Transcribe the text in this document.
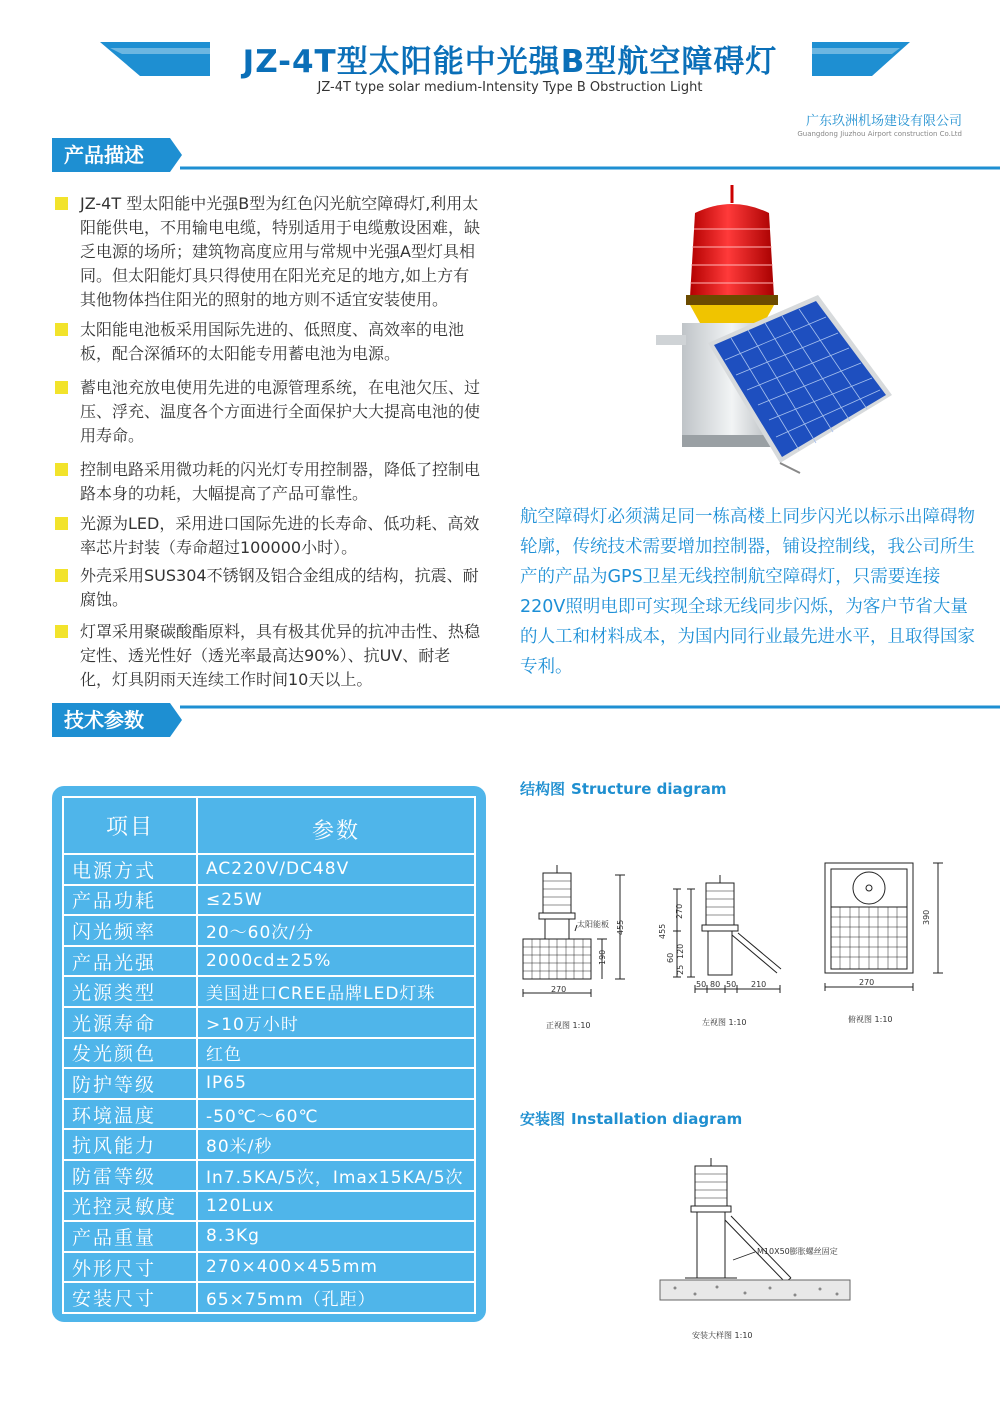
JZ-4T型太阳能中光强B型航空障碍灯
JZ-4T type solar medium-Intensity Type B Obstruction Light
广东玖洲机场建设有限公司
Guangdong Jiuzhou Airport construction Co.Ltd
产品描述
JZ-4T 型太阳能中光强B型为红色闪光航空障碍灯,利用太阳能供电，不用输电电缆，特别适用于电缆敷设困难，缺乏电源的场所；建筑物高度应用与常规中光强A型灯具相同。但太阳能灯具只得使用在阳光充足的地方,如上方有其他物体挡住阳光的照射的地方则不适宜安装使用。
太阳能电池板采用国际先进的、低照度、高效率的电池板，配合深循环的太阳能专用蓄电池为电源。
蓄电池充放电使用先进的电源管理系统，在电池欠压、过压、浮充、温度各个方面进行全面保护大大提高电池的使用寿命。
控制电路采用微功耗的闪光灯专用控制器，降低了控制电路本身的功耗，大幅提高了产品可靠性。
光源为LED，采用进口国际先进的长寿命、低功耗、高效率芯片封装（寿命超过100000小时）。
外壳采用SUS304不锈钢及铝合金组成的结构，抗震、耐腐蚀。
灯罩采用聚碳酸酯原料，具有极其优异的抗冲击性、热稳定性、透光性好（透光率最高达90%）、抗UV、耐老化，灯具阴雨天连续工作时间10天以上。
航空障碍灯必须满足同一栋高楼上同步闪光以标示出障碍物轮廓，传统技术需要增加控制器，铺设控制线，我公司所生产的产品为GPS卫星无线控制航空障碍灯，只需要连接220V照明电即可实现全球无线同步闪烁，为客户节省大量的人工和材料成本，为国内同行业最先进水平，且取得国家专利。
技术参数
项目	参数
电源方式	AC220V/DC48V
产品功耗	≤25W
闪光频率	20～60次/分
产品光强	2000cd±25%
光源类型	美国进口CREE品牌LED灯珠
光源寿命	>10万小时
发光颜色	红色
防护等级	IP65
环境温度	-50℃～60℃
抗风能力	80米/秒
防雷等级	In7.5KA/5次，Imax15KA/5次
光控灵敏度	120Lux
产品重量	8.3Kg
外形尺寸	270×400×455mm
安装尺寸	65×75mm（孔距）
结构图 Structure diagram
太阳能板 455
190
270
270
455
60 120
25
50 80 50 210
390
270
正视图 1:10	左视图 1:10	俯视图 1:10
安装图 Installation diagram
M10X50膨胀螺丝固定
安装大样图 1:10
